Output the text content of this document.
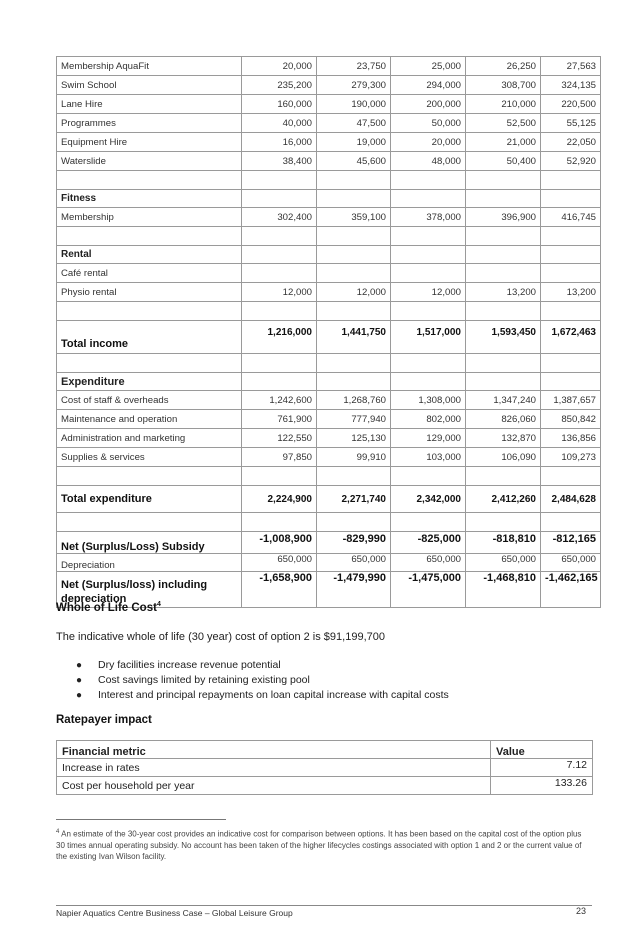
Membership AquaFit	20,000	23,750	25,000	26,250	27,563
Swim School	235,200	279,300	294,000	308,700	324,135
Lane Hire	160,000	190,000	200,000	210,000	220,500
Programmes	40,000	47,500	50,000	52,500	55,125
Equipment Hire	16,000	19,000	20,000	21,000	22,050
Waterslide	38,400	45,600	48,000	50,400	52,920

Fitness					
Membership	302,400	359,100	378,000	396,900	416,745

Rental					
Café rental					
Physio rental	12,000	12,000	12,000	13,200	13,200

Total income	1,216,000	1,441,750	1,517,000	1,593,450	1,672,463

Expenditure					
Cost of staff & overheads	1,242,600	1,268,760	1,308,000	1,347,240	1,387,657
Maintenance and operation	761,900	777,940	802,000	826,060	850,842
Administration and marketing	122,550	125,130	129,000	132,870	136,856
Supplies & services	97,850	99,910	103,000	106,090	109,273

Total expenditure	2,224,900	2,271,740	2,342,000	2,412,260	2,484,628

Net (Surplus/Loss) Subsidy	-1,008,900	-829,990	-825,000	-818,810	-812,165
Depreciation	650,000	650,000	650,000	650,000	650,000
Net (Surplus/loss) including depreciation	-1,658,900	-1,479,990	-1,475,000	-1,468,810	-1,462,165
Whole of Life Cost$^4$
The indicative whole of life (30 year) cost of option 2 is $91,199,700
● Dry facilities increase revenue potential
● Cost savings limited by retaining existing pool
● Interest and principal repayments on loan capital increase with capital costs
Ratepayer impact
Financial metric	Value
Increase in rates	7.12
Cost per household per year	133.26
$^4$ An estimate of the 30-year cost provides an indicative cost for comparison between options. It has been based on the capital cost of the option plus 30 times annual operating subsidy. No account has been taken of the higher lifecycles costings associated with option 1 and 2 or the current value of the existing Ivan Wilson facility.
Napier Aquatics Centre Business Case – Global Leisure Group	23
